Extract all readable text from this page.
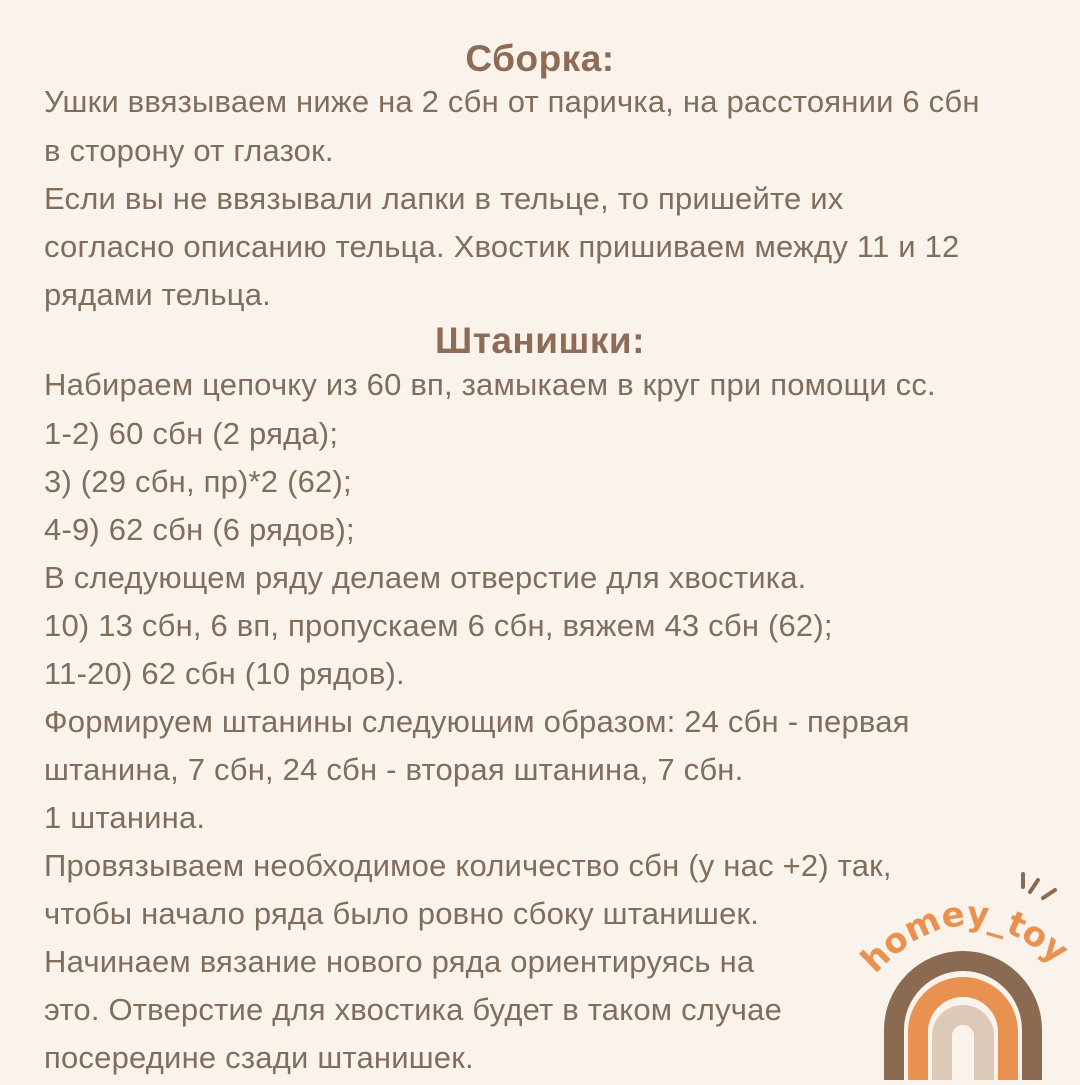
Сборка:
Ушки ввязываем ниже на 2 сбн от паричка, на расстоянии 6 сбн
в сторону от глазок.
Если вы не ввязывали лапки в тельце, то пришейте их
согласно описанию тельца. Хвостик пришиваем между 11 и 12
рядами тельца.
Штанишки:
Набираем цепочку из 60 вп, замыкаем в круг при помощи сс.
1-2) 60 сбн (2 ряда);
3) (29 сбн, пр)*2 (62);
4-9) 62 сбн (6 рядов);
В следующем ряду делаем отверстие для хвостика.
10) 13 сбн, 6 вп, пропускаем 6 сбн, вяжем 43 сбн (62);
11-20) 62 сбн (10 рядов).
Формируем штанины следующим образом: 24 сбн - первая
штанина, 7 сбн, 24 сбн - вторая штанина, 7 сбн.
1 штанина.
Провязываем необходимое количество сбн (у нас +2) так,
чтобы начало ряда было ровно сбоку штанишек.
Начинаем вязание нового ряда ориентируясь на
это. Отверстие для хвостика будет в таком случае
посередине сзади штанишек.
homey_toy
